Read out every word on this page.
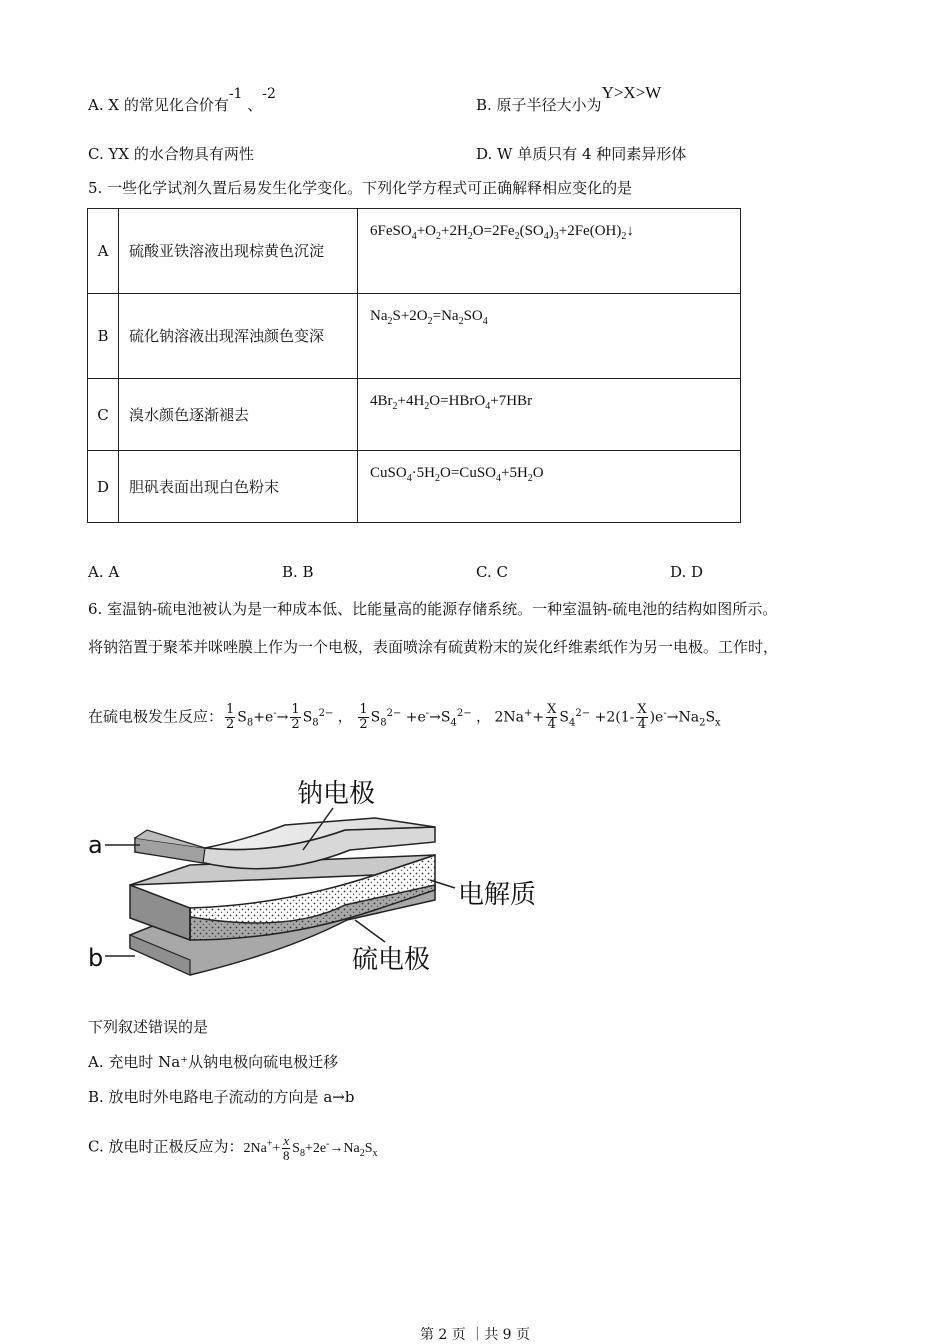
A. X 的常见化合价有-1 、-2
B. 原子半径大小为Y>X>W
C. YX 的水合物具有两性	D. W 单质只有 4 种同素异形体
5. 一些化学试剂久置后易发生化学变化。下列化学方程式可正确解释相应变化的是
A	硫酸亚铁溶液出现棕黄色沉淀	$6FeSO_4+O_2+2H_2O=2Fe_2(SO_4)_3+2Fe(OH)_2↓$
B	硫化钠溶液出现浑浊颜色变深	$Na_2S+2O_2=Na_2SO_4$
C	溴水颜色逐渐褪去	$4Br_2+4H_2O=HBrO_4+7HBr$
D	胆矾表面出现白色粉末	$CuSO_4\cdot 5H_2O=CuSO_4+5H_2O$
A. A	B. B	C. C	D. D
6. 室温钠-硫电池被认为是一种成本低、比能量高的能源存储系统。一种室温钠-硫电池的结构如图所示。
将钠箔置于聚苯并咪唑膜上作为一个电极，表面喷涂有硫黄粉末的炭化纤维素纸作为另一电极。工作时，
在硫电极发生反应： $\frac{1}{2} S_8+e^-\to \frac{1}{2} S_8^{2-}$ ， $\frac{1}{2} S_8^{2-} +e^-\to S_4^{2-}$ ， $2Na^++ \frac{X}{4} S_4^{2-} +2(1- \frac{X}{4} )e^-\to Na_2S_x$
钠电极
电解质
硫电极
a
b
下列叙述错误的是
A. 充电时 Na⁺从钠电极向硫电极迁移
B. 放电时外电路电子流动的方向是 a→b
C. 放电时正极反应为：$2Na^++ \frac{x}{8} S_8+2e^-\to Na_2S_x$
第 2 页 ｜共 9 页
